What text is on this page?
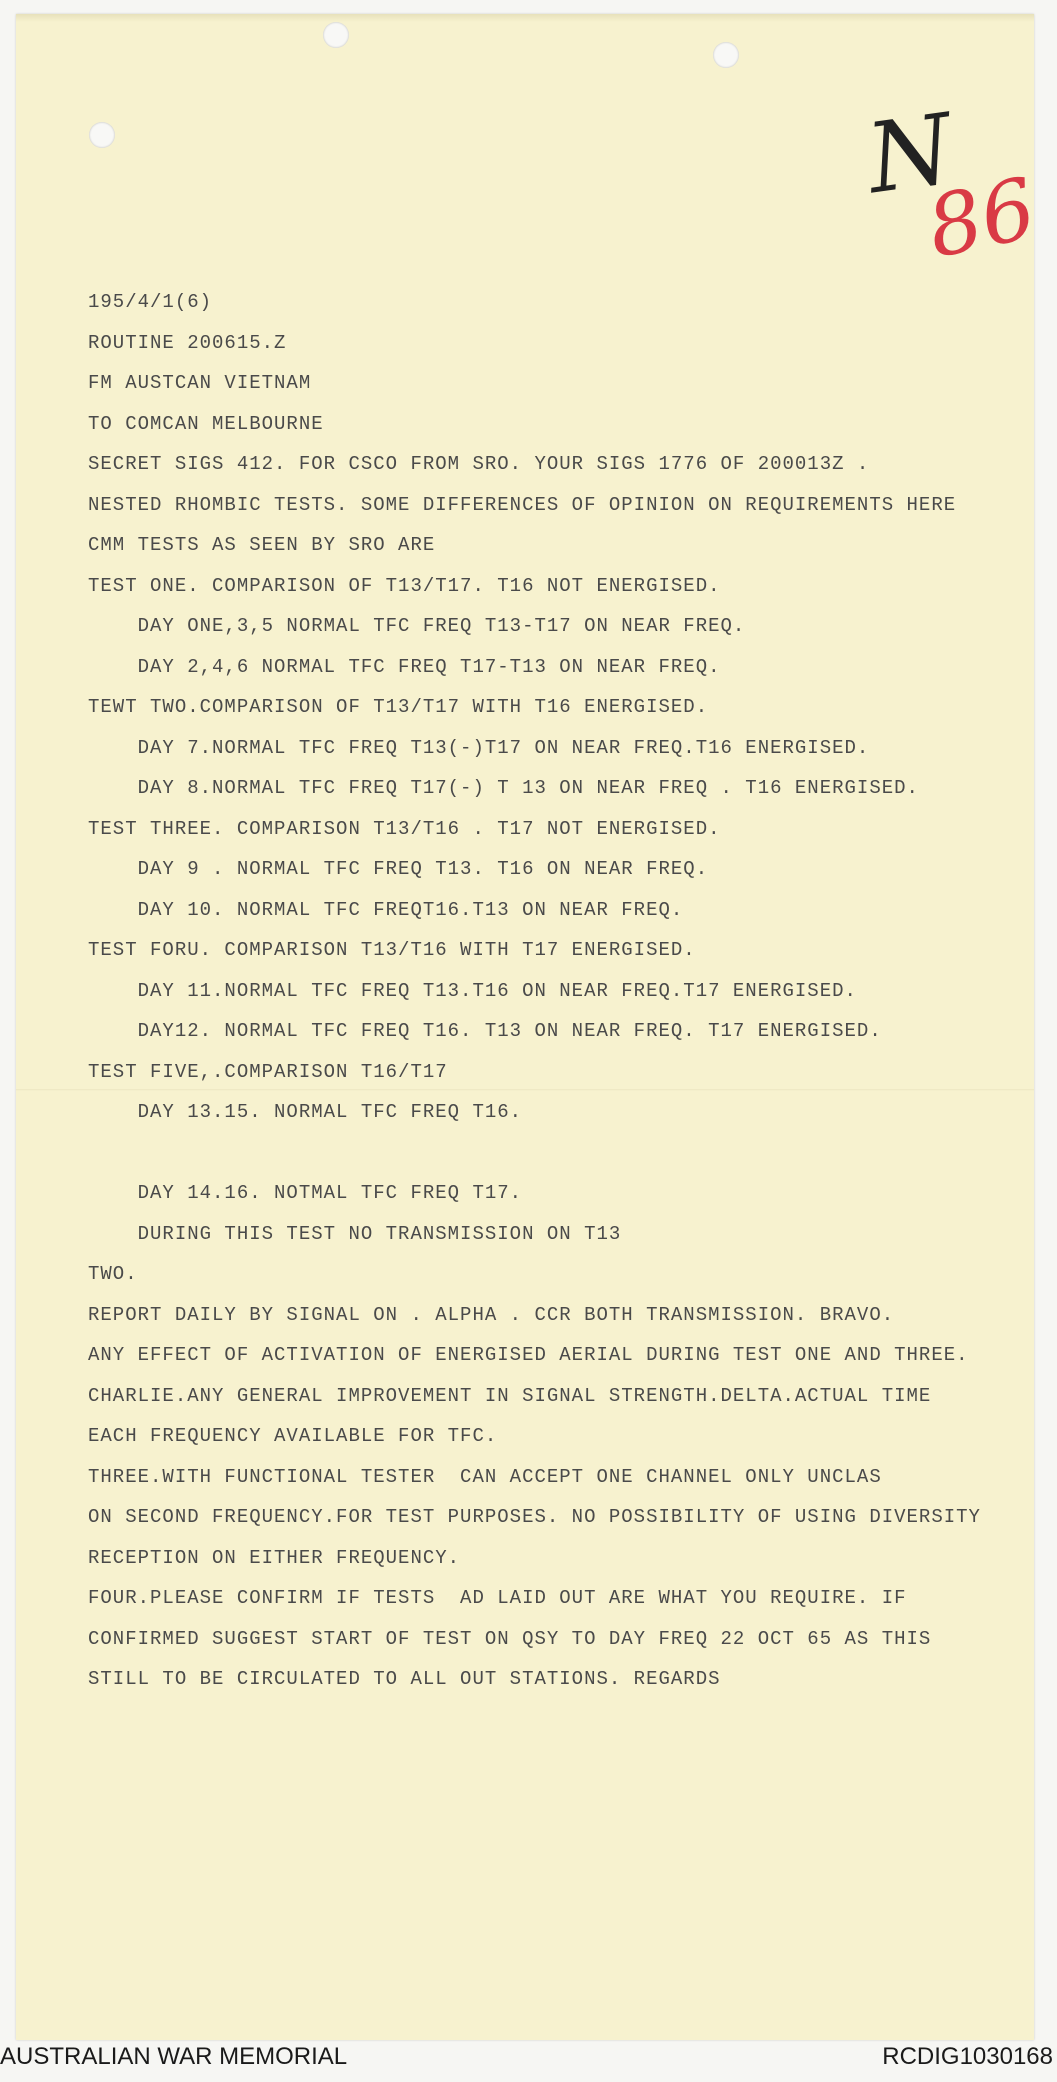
N
86
195/4/1(6)
ROUTINE 200615.Z
FM AUSTCAN VIETNAM
TO COMCAN MELBOURNE
SECRET SIGS 412. FOR CSCO FROM SRO. YOUR SIGS 1776 OF 200013Z .
NESTED RHOMBIC TESTS. SOME DIFFERENCES OF OPINION ON REQUIREMENTS HERE
CMM TESTS AS SEEN BY SRO ARE
TEST ONE. COMPARISON OF T13/T17. T16 NOT ENERGISED.
DAY ONE,3,5 NORMAL TFC FREQ T13-T17 ON NEAR FREQ.
DAY 2,4,6 NORMAL TFC FREQ T17-T13 ON NEAR FREQ.
TEWT TWO.COMPARISON OF T13/T17 WITH T16 ENERGISED.
DAY 7.NORMAL TFC FREQ T13(-)T17 ON NEAR FREQ.T16 ENERGISED.
DAY 8.NORMAL TFC FREQ T17(-) T 13 ON NEAR FREQ . T16 ENERGISED.
TEST THREE. COMPARISON T13/T16 . T17 NOT ENERGISED.
DAY 9 . NORMAL TFC FREQ T13. T16 ON NEAR FREQ.
DAY 10. NORMAL TFC FREQT16.T13 ON NEAR FREQ.
TEST FORU. COMPARISON T13/T16 WITH T17 ENERGISED.
DAY 11.NORMAL TFC FREQ T13.T16 ON NEAR FREQ.T17 ENERGISED.
DAY12. NORMAL TFC FREQ T16. T13 ON NEAR FREQ. T17 ENERGISED.
TEST FIVE,.COMPARISON T16/T17
DAY 13.15. NORMAL TFC FREQ T16.
DAY 14.16. NOTMAL TFC FREQ T17.
DURING THIS TEST NO TRANSMISSION ON T13
TWO.
REPORT DAILY BY SIGNAL ON . ALPHA . CCR BOTH TRANSMISSION. BRAVO.
ANY EFFECT OF ACTIVATION OF ENERGISED AERIAL DURING TEST ONE AND THREE.
CHARLIE.ANY GENERAL IMPROVEMENT IN SIGNAL STRENGTH.DELTA.ACTUAL TIME
EACH FREQUENCY AVAILABLE FOR TFC.
THREE.WITH FUNCTIONAL TESTER  CAN ACCEPT ONE CHANNEL ONLY UNCLAS
ON SECOND FREQUENCY.FOR TEST PURPOSES. NO POSSIBILITY OF USING DIVERSITY
RECEPTION ON EITHER FREQUENCY.
FOUR.PLEASE CONFIRM IF TESTS  AD LAID OUT ARE WHAT YOU REQUIRE. IF
CONFIRMED SUGGEST START OF TEST ON QSY TO DAY FREQ 22 OCT 65 AS THIS
STILL TO BE CIRCULATED TO ALL OUT STATIONS. REGARDS
AUSTRALIAN WAR MEMORIAL	RCDIG1030168
